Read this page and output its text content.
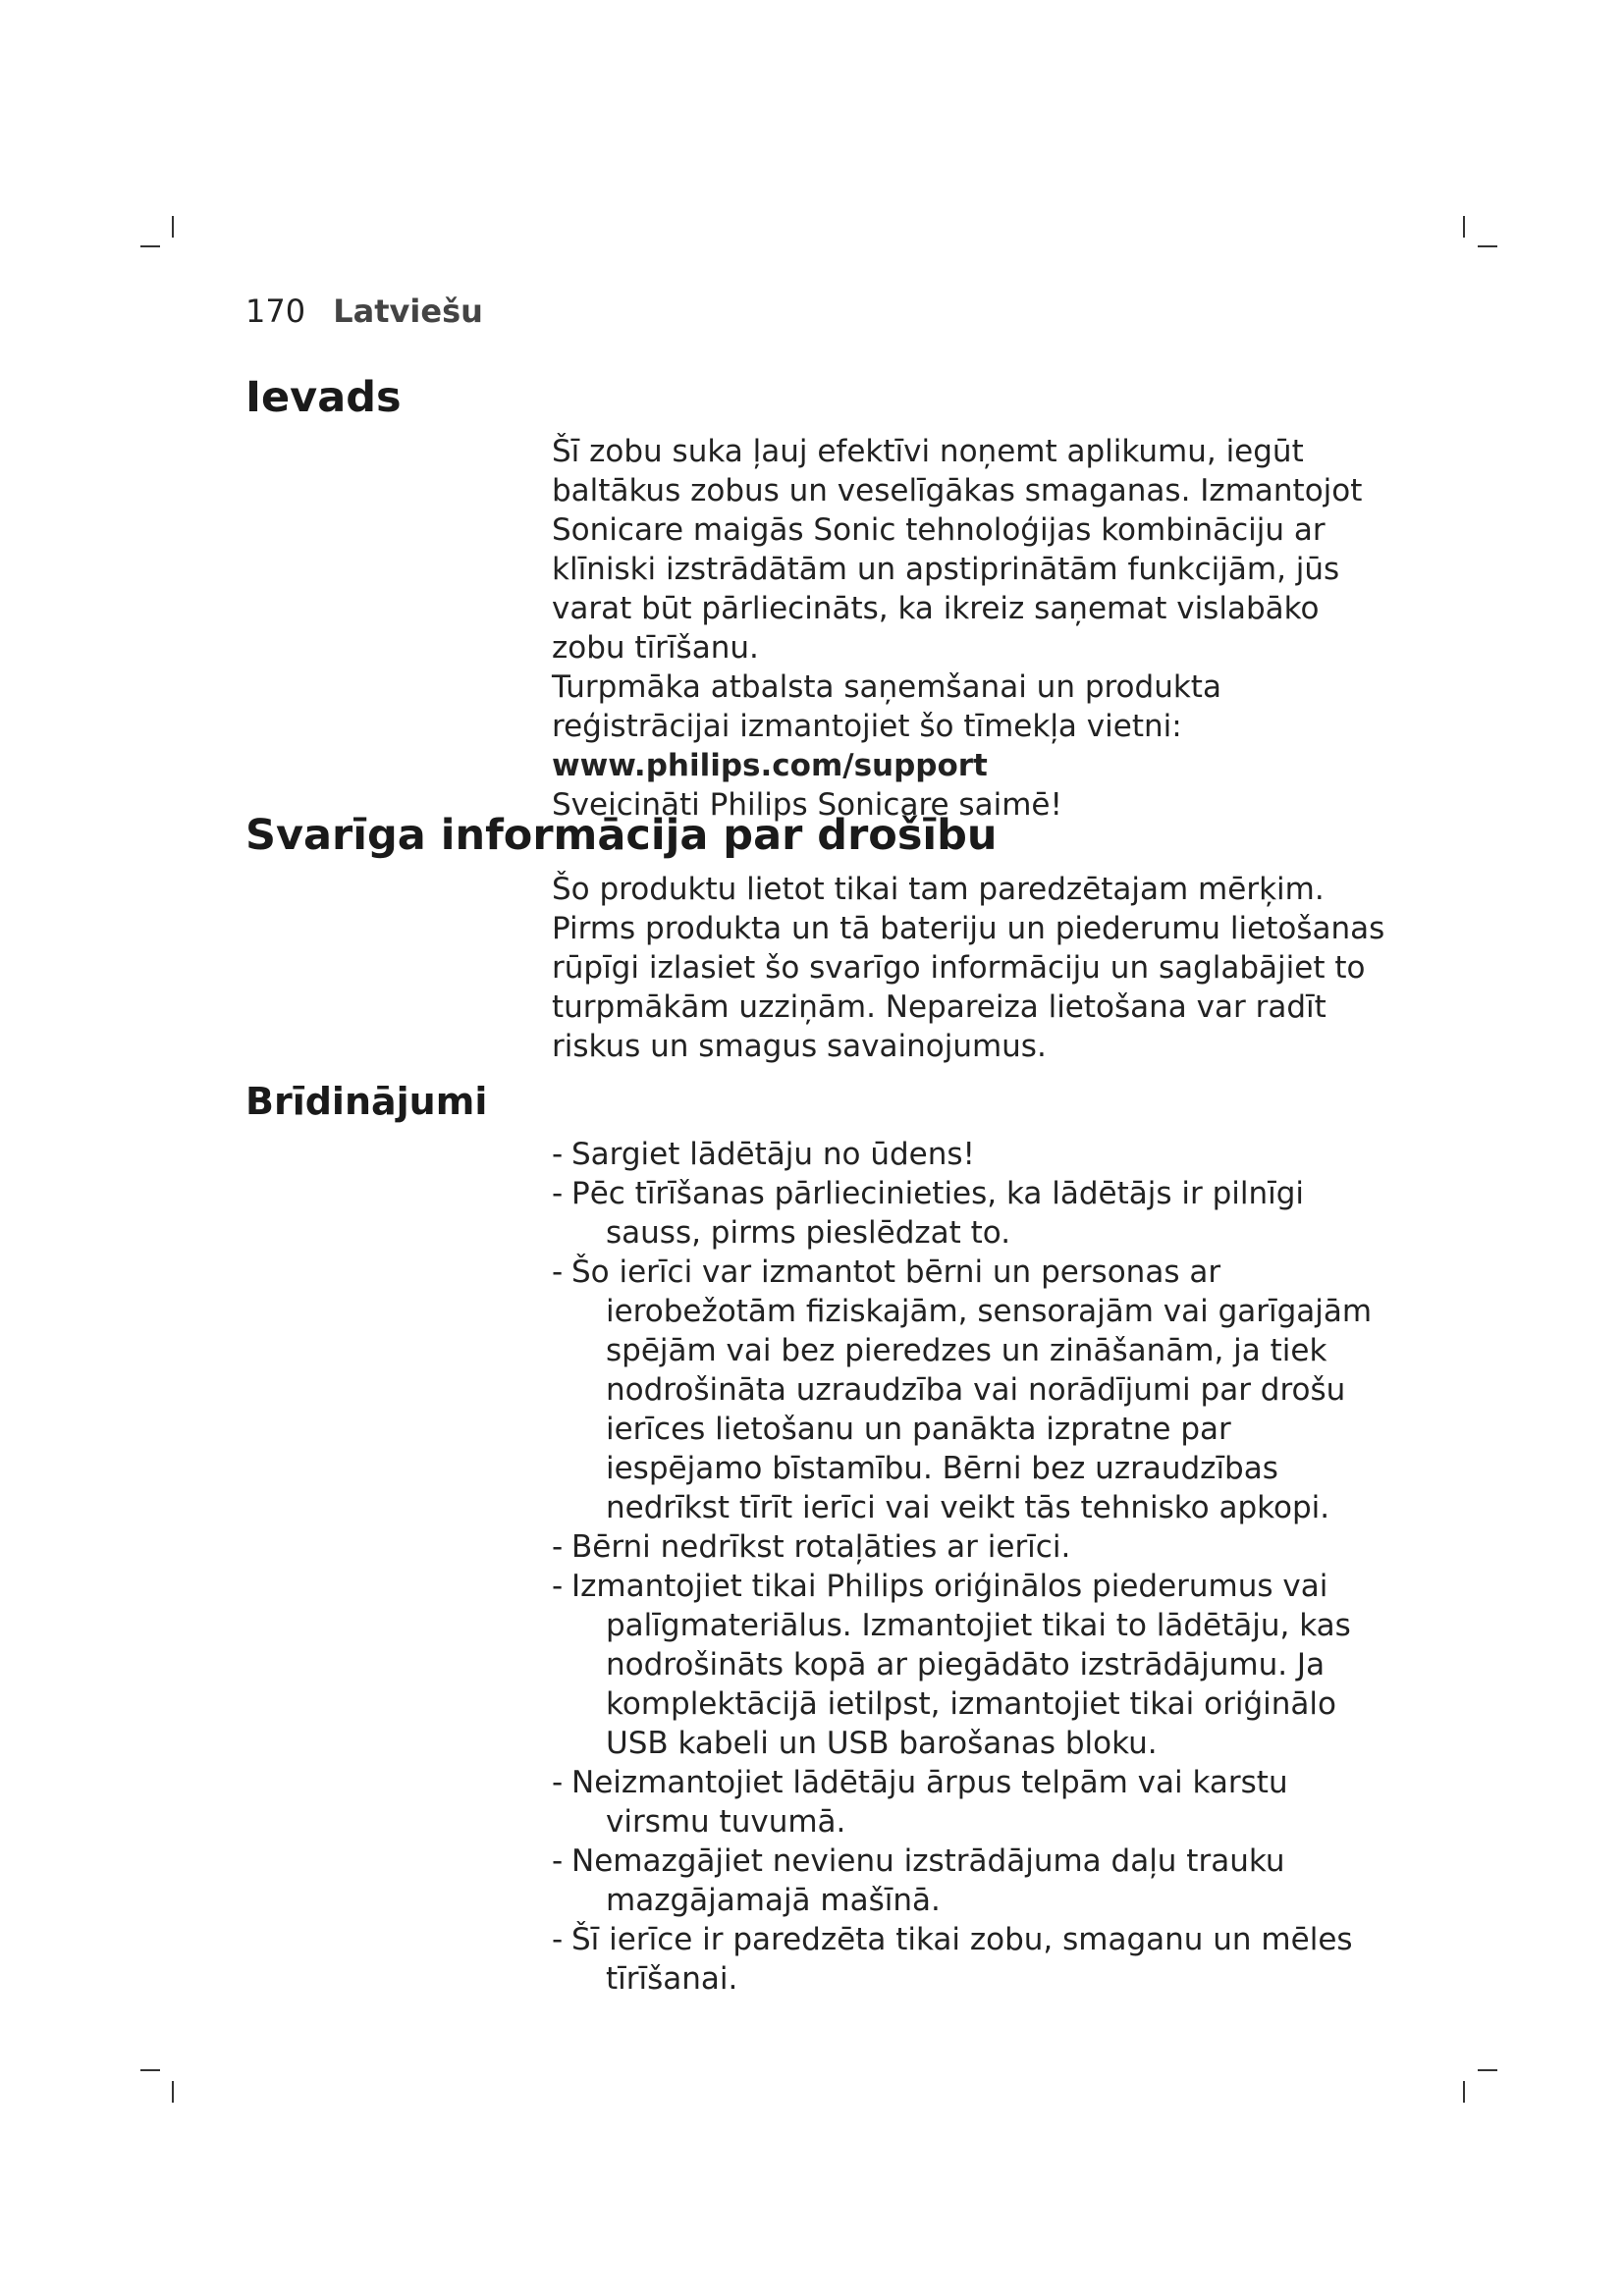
170 Latviešu
Ievads

Šī zobu suka ļauj efektīvi noņemt aplikumu, iegūt baltākus zobus un veselīgākas smaganas. Izmantojot Sonicare maigās Sonic tehnoloģijas kombināciju ar klīniski izstrādātām un apstiprinātām funkcijām, jūs varat būt pārliecināts, ka ikreiz saņemat vislabāko zobu tīrīšanu.

Turpmāka atbalsta saņemšanai un produkta reģistrācijai izmantojiet šo tīmekļa vietni: www.philips.com/support

Sveicināti Philips Sonicare saimē!

Svarīga informācija par drošību

Šo produktu lietot tikai tam paredzētajam mērķim. Pirms produkta un tā bateriju un piederumu lietošanas rūpīgi izlasiet šo svarīgo informāciju un saglabājiet to turpmākām uzziņām. Nepareiza lietošana var radīt riskus un smagus savainojumus.

Brīdinājumi
- Sargiet lādētāju no ūdens!
- Pēc tīrīšanas pārliecinieties, ka lādētājs ir pilnīgi sauss, pirms pieslēdzat to.
- Šo ierīci var izmantot bērni un personas ar ierobežotām fiziskajām, sensorajām vai garīgajām spējām vai bez pieredzes un zināšanām, ja tiek nodrošināta uzraudzība vai norādījumi par drošu ierīces lietošanu un panākta izpratne par iespējamo bīstamību. Bērni bez uzraudzības nedrīkst tīrīt ierīci vai veikt tās tehnisko apkopi.
- Bērni nedrīkst rotaļāties ar ierīci.
- Izmantojiet tikai Philips oriģinālos piederumus vai palīgmateriālus. Izmantojiet tikai to lādētāju, kas nodrošināts kopā ar piegādāto izstrādājumu. Ja komplektācijā ietilpst, izmantojiet tikai oriģinālo USB kabeli un USB barošanas bloku.
- Neizmantojiet lādētāju ārpus telpām vai karstu virsmu tuvumā.
- Nemazgājiet nevienu izstrādājuma daļu trauku mazgājamajā mašīnā.
- Šī ierīce ir paredzēta tikai zobu, smaganu un mēles tīrīšanai.
